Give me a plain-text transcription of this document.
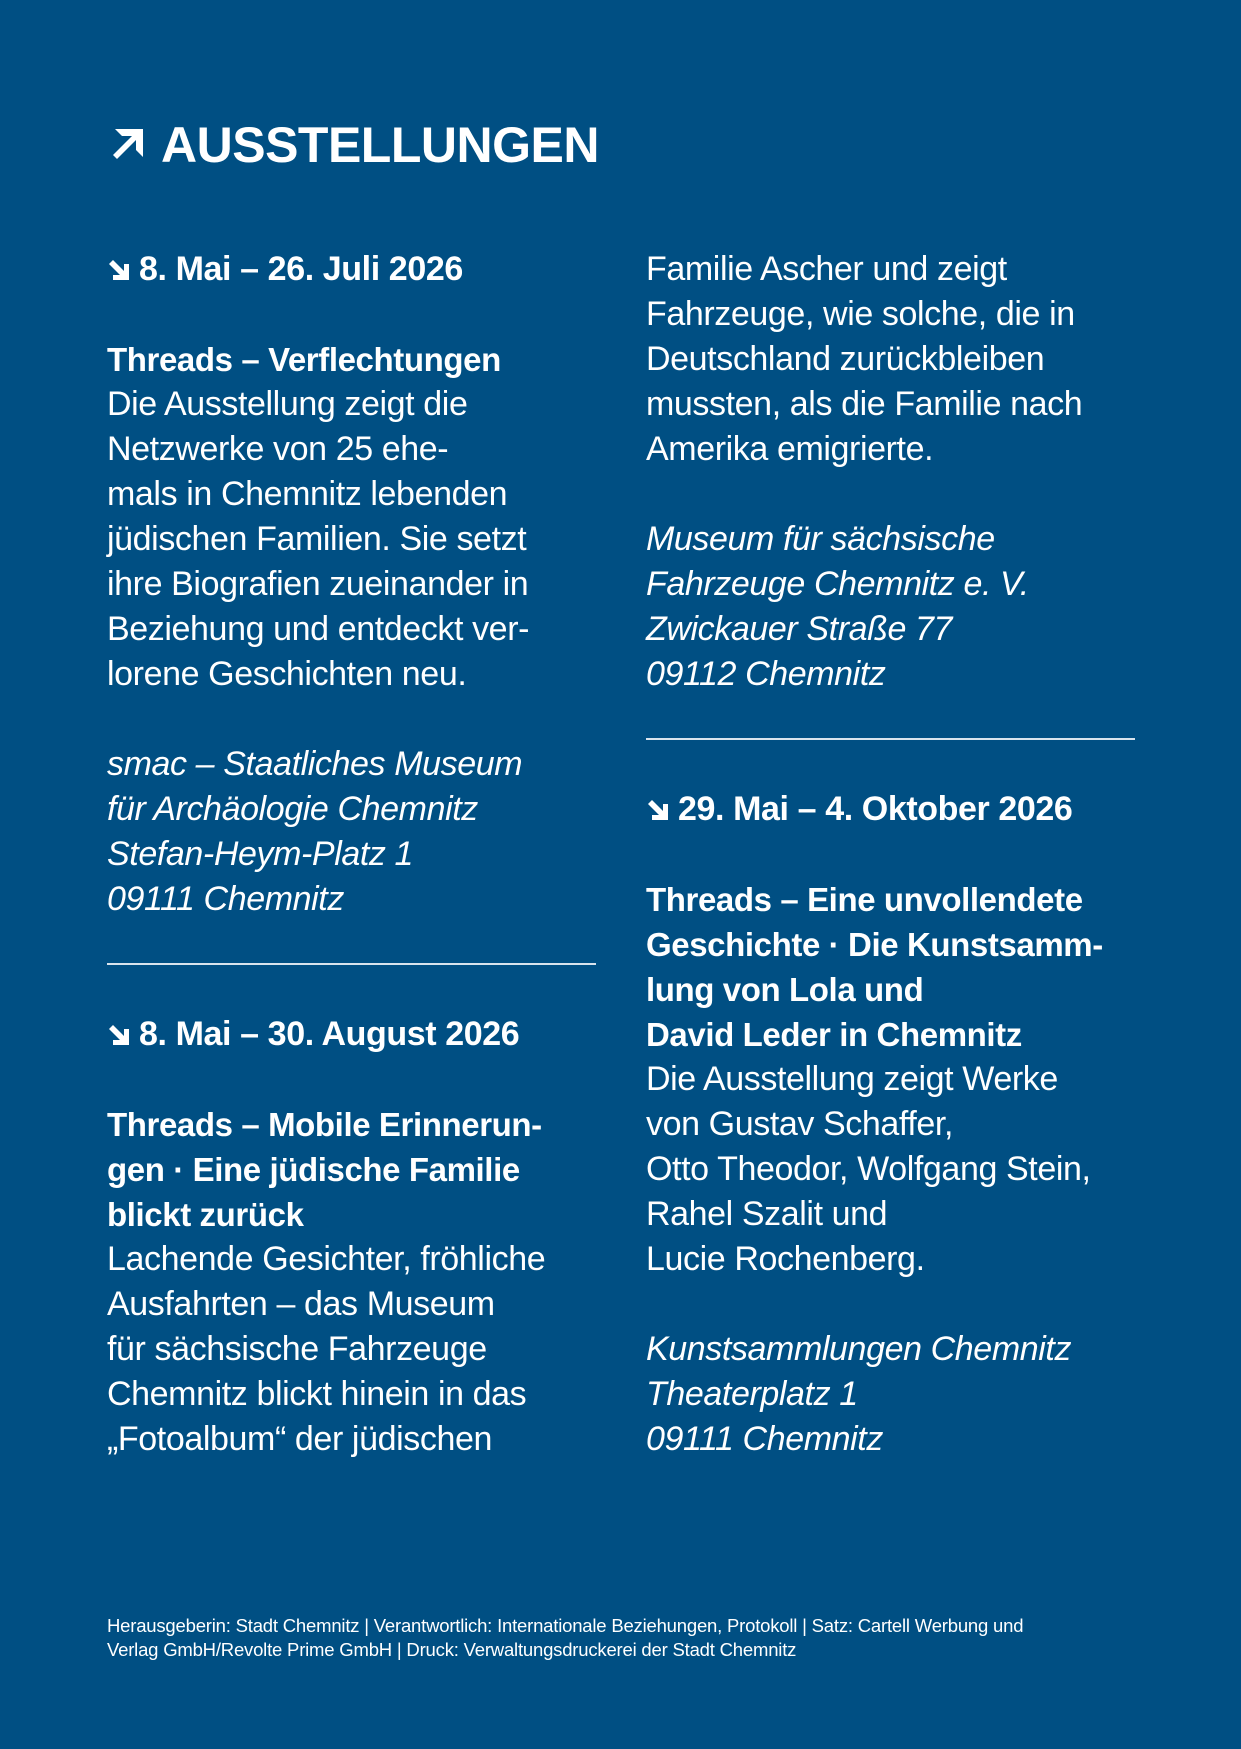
AUSSTELLUNGEN
8. Mai – 26. Juli 2026
Threads – Verflechtungen
Die Ausstellung zeigt die
Netzwerke von 25 ehe-
mals in Chemnitz lebenden
jüdischen Familien. Sie setzt
ihre Biografien zueinander in
Beziehung und entdeckt ver-
lorene Geschichten neu.
smac – Staatliches Museum
für Archäologie Chemnitz
Stefan-Heym-Platz 1
09111 Chemnitz
8. Mai – 30. August 2026
Threads – Mobile Erinnerun-
gen · Eine jüdische Familie
blickt zurück
Lachende Gesichter, fröhliche
Ausfahrten – das Museum
für sächsische Fahrzeuge
Chemnitz blickt hinein in das
„Fotoalbum“ der jüdischen
Familie Ascher und zeigt
Fahrzeuge, wie solche, die in
Deutschland zurückbleiben
mussten, als die Familie nach
Amerika emigrierte.
Museum für sächsische
Fahrzeuge Chemnitz e. V.
Zwickauer Straße 77
09112 Chemnitz
29. Mai – 4. Oktober 2026
Threads – Eine unvollendete
Geschichte · Die Kunstsamm-
lung von Lola und
David Leder in Chemnitz
Die Ausstellung zeigt Werke
von Gustav Schaffer,
Otto Theodor, Wolfgang Stein,
Rahel Szalit und
Lucie Rochenberg.
Kunstsammlungen Chemnitz
Theaterplatz 1
09111 Chemnitz
Herausgeberin: Stadt Chemnitz | Verantwortlich: Internationale Beziehungen, Protokoll | Satz: Cartell Werbung und
Verlag GmbH/Revolte Prime GmbH | Druck: Verwaltungsdruckerei der Stadt Chemnitz
